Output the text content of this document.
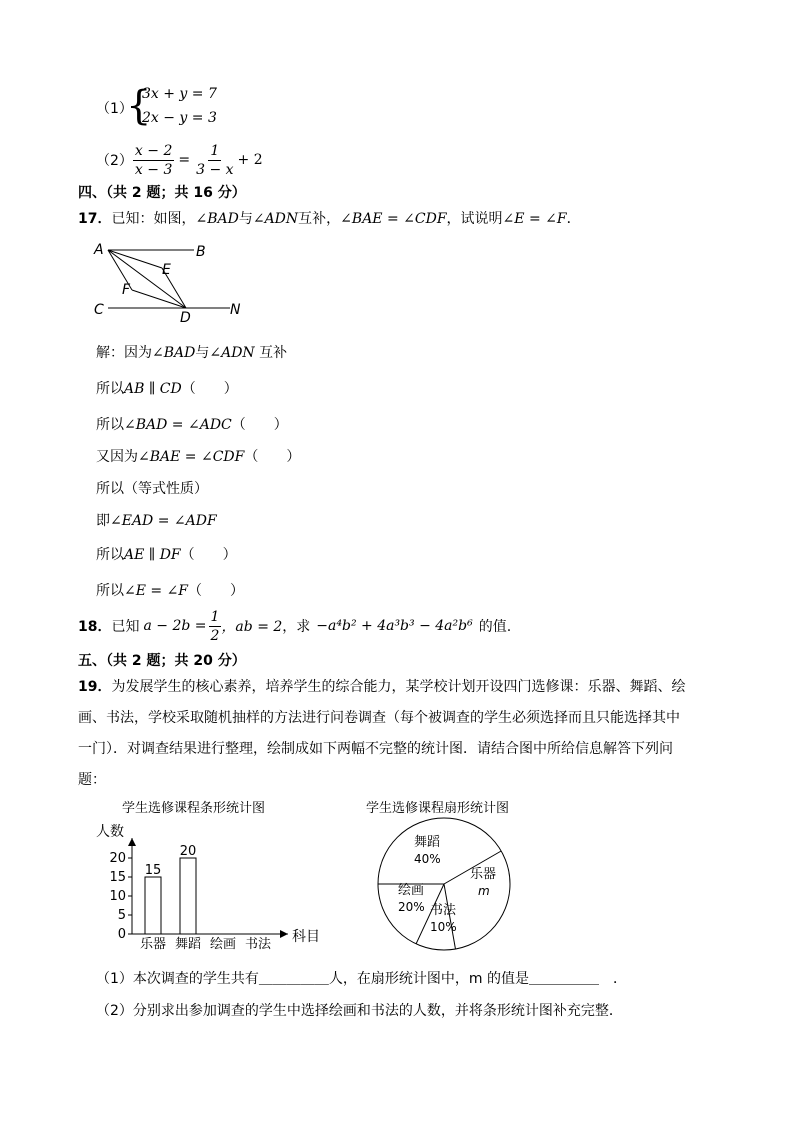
（1）
{
3x + y = 7
2x − y = 3
$(2) \frac{x - 2}{x - 3} = \frac{1}{3 - x} + 2$
四、（共 2 题；共 16 分）
17．已知：如图，∠BAD与∠ADN互补，∠BAE = ∠CDF，试说明∠E = ∠F．
A	B
E
F
C	D	N
解：因为∠BAD与∠ADN 互补
所以AB ∥ CD（　　）
所以∠BAD = ∠ADC（　　）
又因为∠BAE = ∠CDF（　　）
所以（等式性质）
即∠EAD = ∠ADF
所以AE ∥ DF（　　）
所以∠E = ∠F（　　）
18． 已知 $a - 2b = \frac{1}{2}$ ，ab = 2 ，求 −a⁴b² + 4a³b³ − 4a²b⁶ 的值.
五、（共 2 题；共 20 分）
19．为发展学生的核心素养，培养学生的综合能力，某学校计划开设四门选修课：乐器、舞蹈、绘
画、书法，学校采取随机抽样的方法进行问卷调查（每个被调查的学生必须选择而且只能选择其中
一门）．对调查结果进行整理，绘制成如下两幅不完整的统计图．请结合图中所给信息解答下列问
题：
学生选修课程条形统计图
人数
科目
0
5
10
15
20
15
乐器
20
舞蹈 绘画 书法
学生选修课程扇形统计图
舞蹈
40%
乐器
m
书法
10%
绘画
20%
（1）本次调查的学生共有＿＿＿＿＿人，在扇形统计图中，m 的值是＿＿＿＿＿　．
（2）分别求出参加调查的学生中选择绘画和书法的人数，并将条形统计图补充完整．
